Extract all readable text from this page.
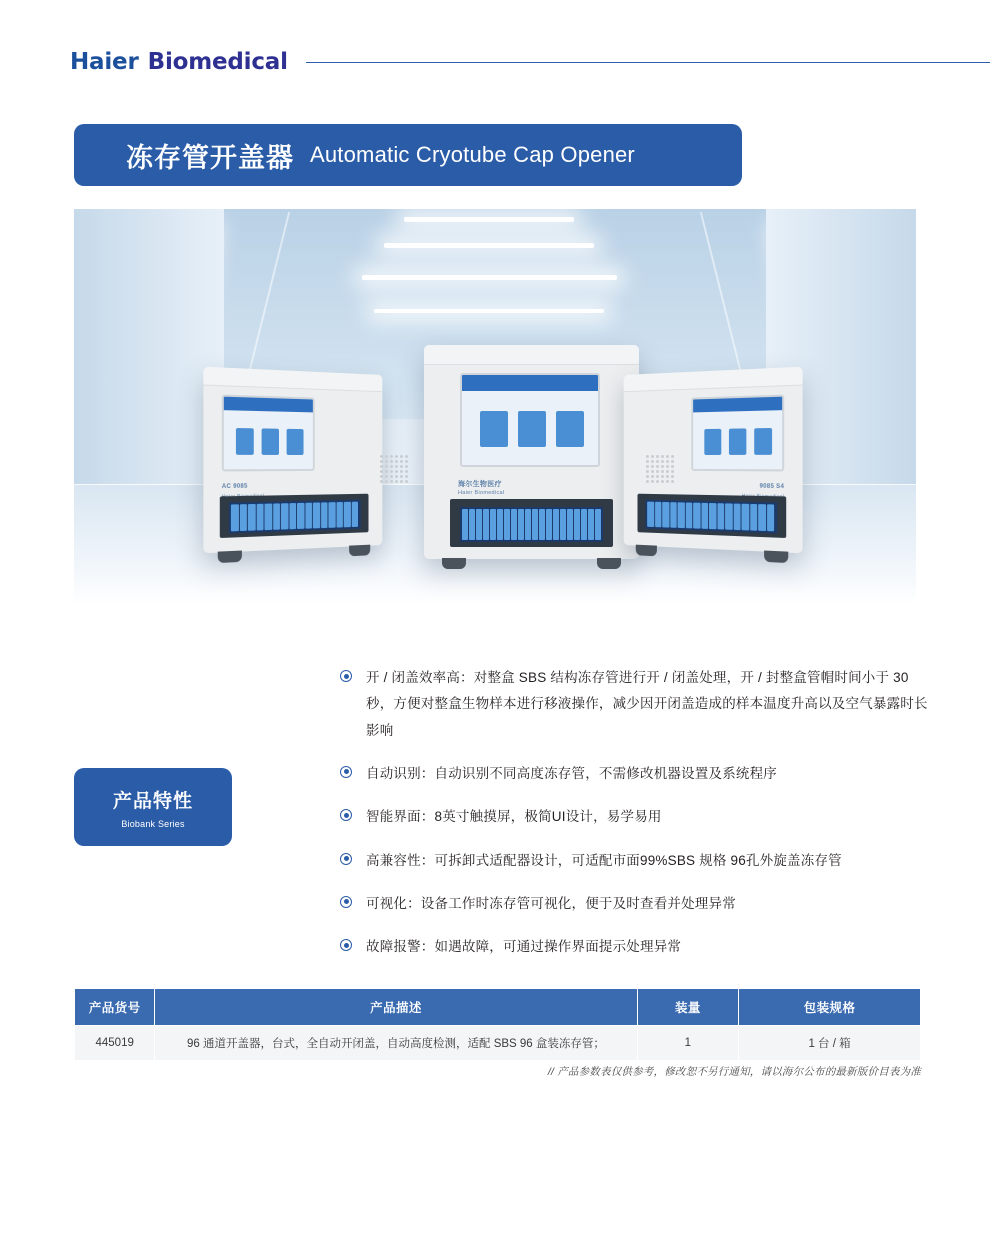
Haier Biomedical
冻存管开盖器 Automatic Cryotube Cap Opener
AC 9085	海尔生物医疗
Haier Biomedical
9085 S4
产品特性
Biobank Series
开 / 闭盖效率高：对整盒 SBS 结构冻存管进行开 / 闭盖处理，开 / 封整盒管帽时间小于 30 秒，方便对整盒生物样本进行移液操作，减少因开闭盖造成的样本温度升高以及空气暴露时长影响
自动识别：自动识别不同高度冻存管，不需修改机器设置及系统程序
智能界面：8英寸触摸屏，极简UI设计，易学易用
高兼容性：可拆卸式适配器设计，可适配市面99%SBS 规格 96孔外旋盖冻存管
可视化：设备工作时冻存管可视化，便于及时查看并处理异常
故障报警：如遇故障，可通过操作界面提示处理异常
产品货号	产品描述	装量	包装规格
445019	96 通道开盖器，台式，全自动开闭盖，自动高度检测，适配 SBS 96 盒装冻存管；	1	1 台 / 箱
// 产品参数表仅供参考，修改恕不另行通知，请以海尔公布的最新版价目表为准
